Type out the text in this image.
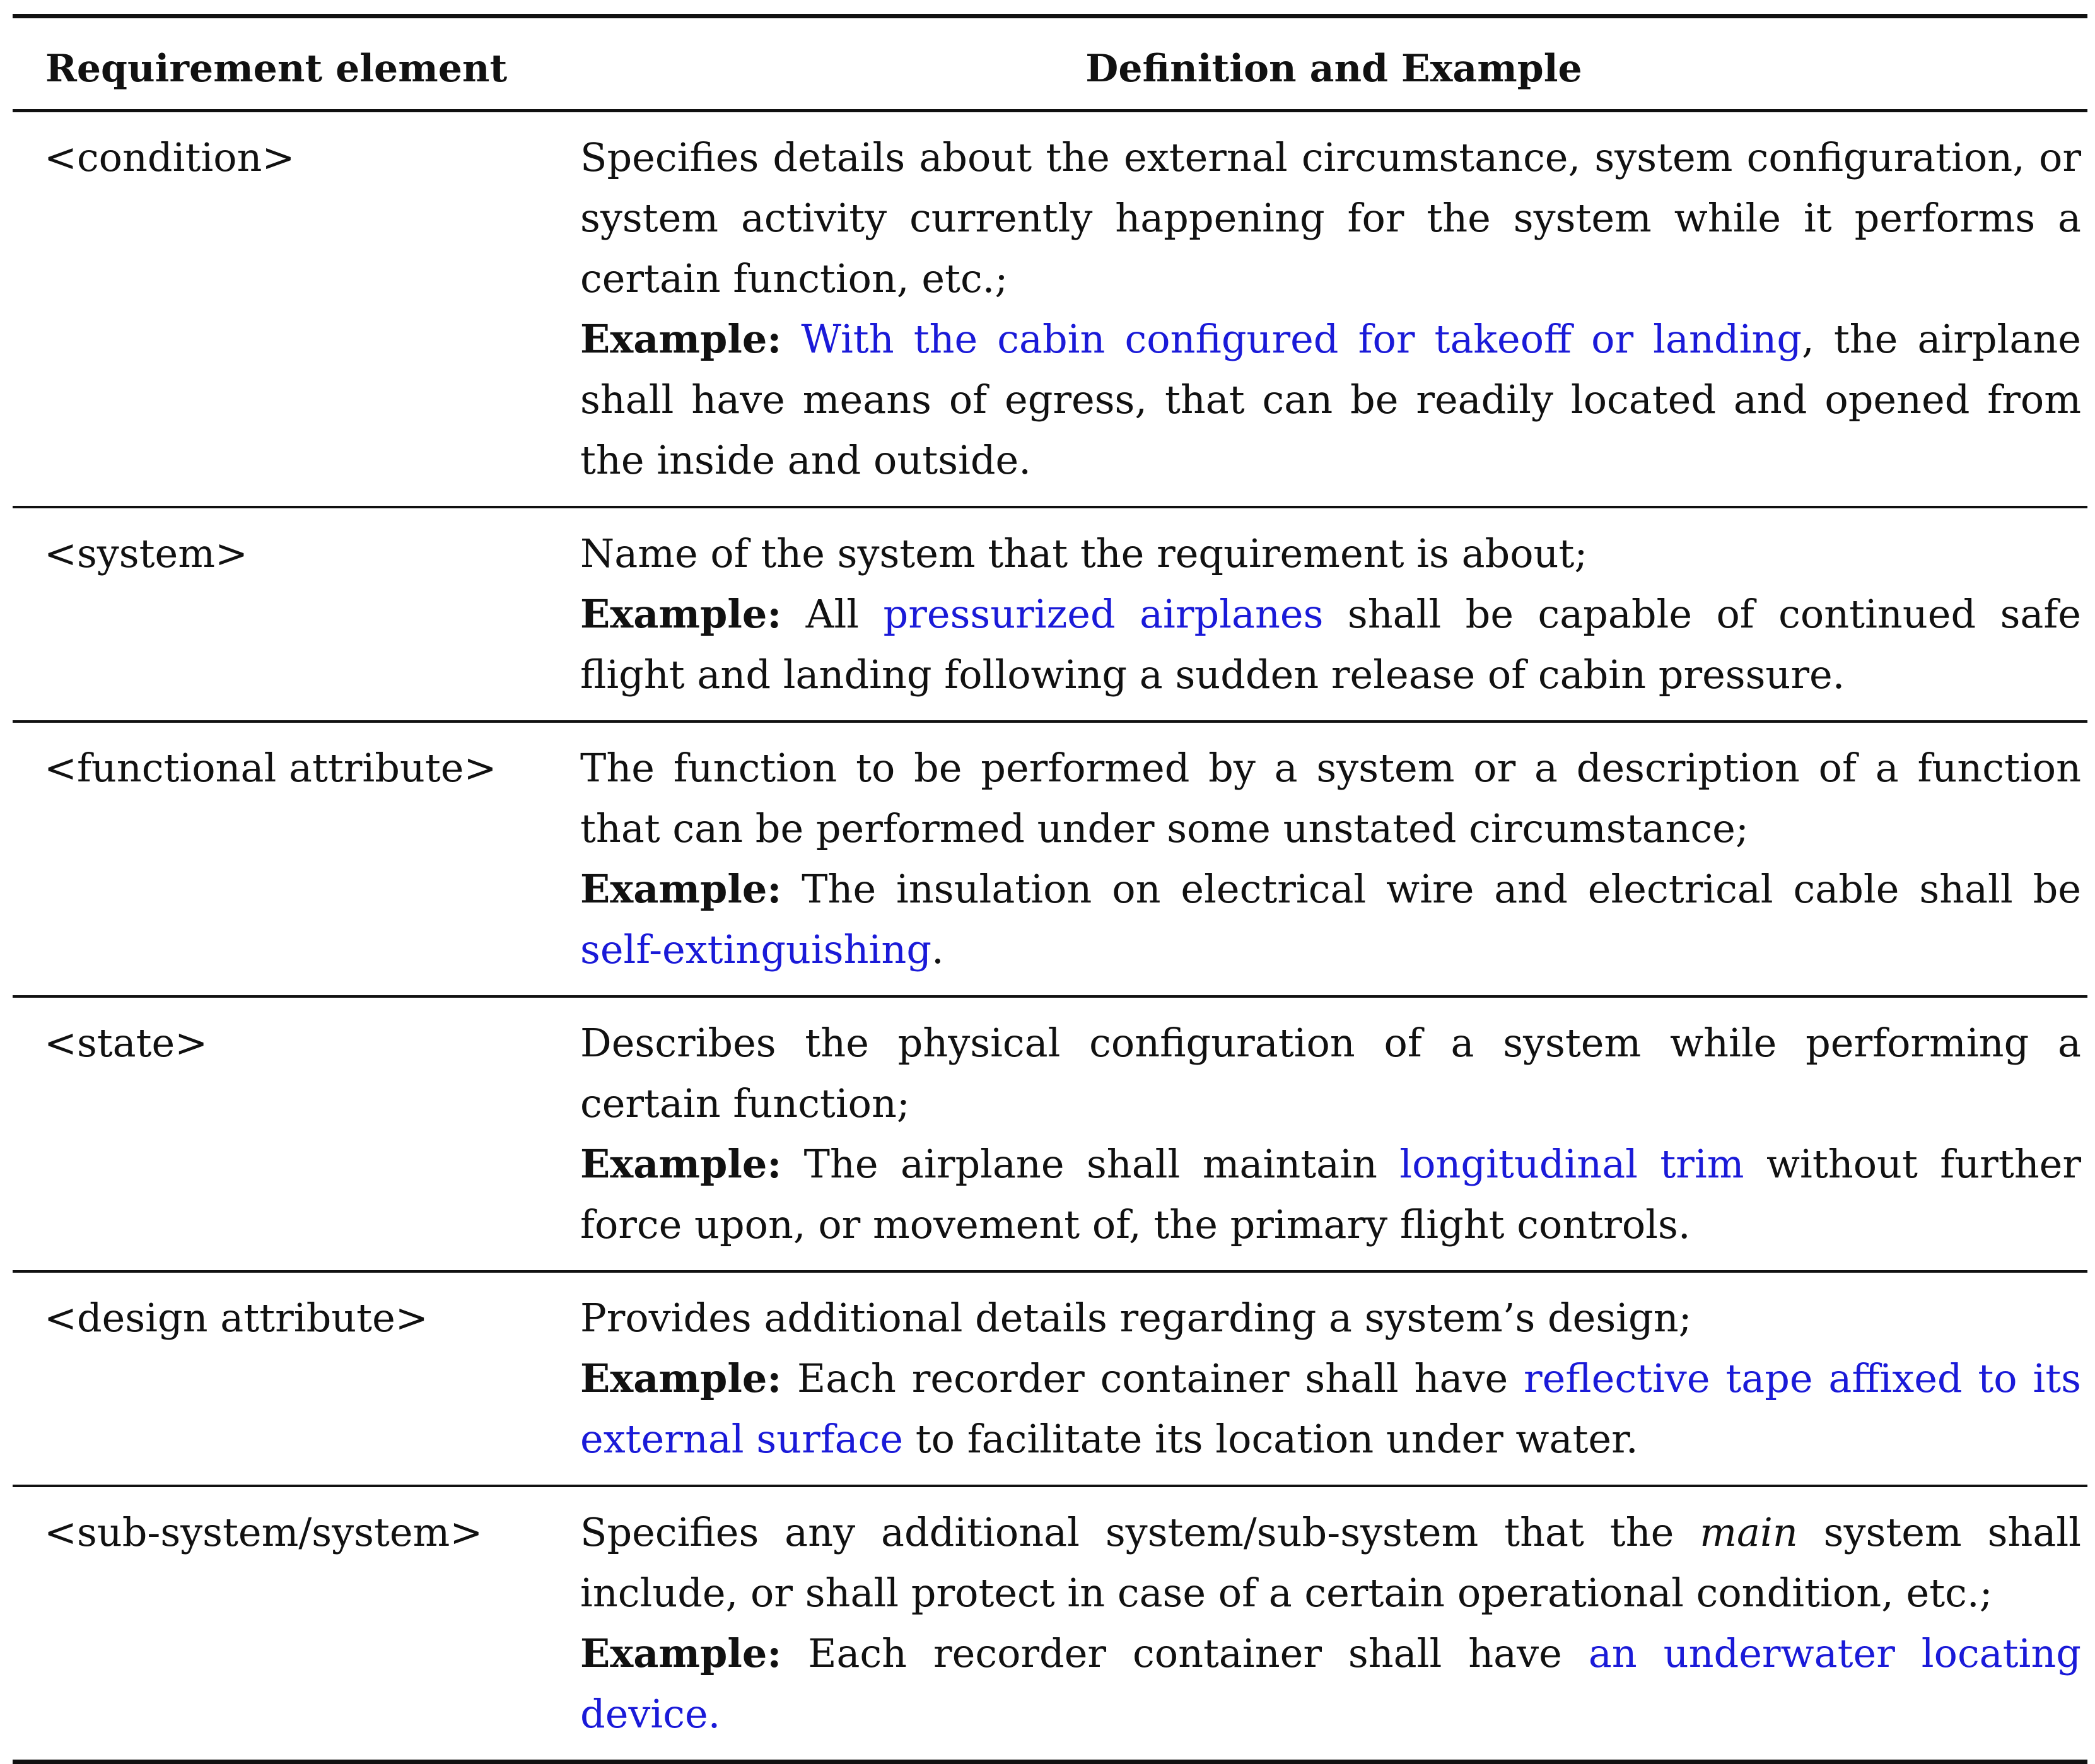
Requirement element	Definition and Example
<condition>	Specifies details about the external circumstance, system configuration, or system activity currently happening for the system while it performs a certain function, etc.;
Example: With the cabin configured for takeoff or landing, the airplane shall have means of egress, that can be readily located and opened from the inside and outside.
<system>	Name of the system that the requirement is about;
Example: All pressurized airplanes shall be capable of continued safe flight and landing following a sudden release of cabin pressure.
<functional attribute>	The function to be performed by a system or a description of a function that can be performed under some unstated circumstance;
Example: The insulation on electrical wire and electrical cable shall be self-extinguishing.
<state>	Describes the physical configuration of a system while performing a certain function;
Example: The airplane shall maintain longitudinal trim without further force upon, or movement of, the primary flight controls.
<design attribute>	Provides additional details regarding a system’s design;
Example: Each recorder container shall have reflective tape affixed to its external surface to facilitate its location under water.
<sub-system/system>	Specifies any additional system/sub-system that the main system shall include, or shall protect in case of a certain operational condition, etc.;
Example: Each recorder container shall have an underwater locating device.
